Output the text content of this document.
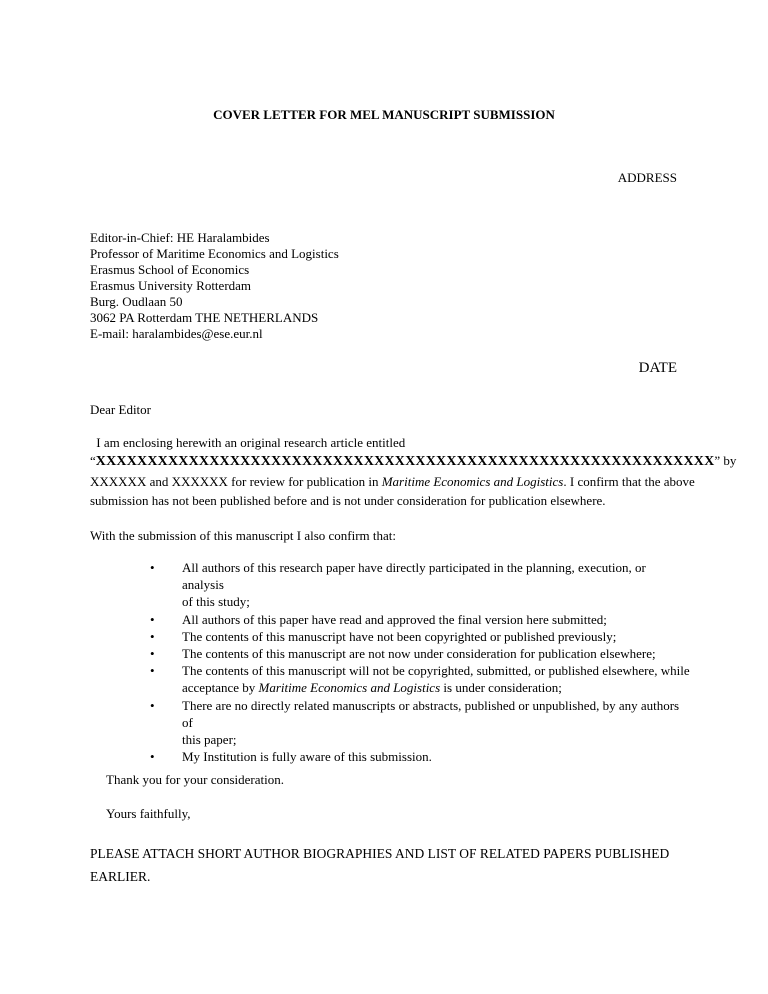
COVER LETTER FOR MEL MANUSCRIPT SUBMISSION
ADDRESS
Editor-in-Chief: HE Haralambides
Professor of Maritime Economics and Logistics
Erasmus School of Economics
Erasmus University Rotterdam
Burg. Oudlaan 50
3062 PA Rotterdam THE NETHERLANDS
E-mail: haralambides@ese.eur.nl
DATE
Dear Editor
I am enclosing herewith an original research article entitled
“XXXXXXXXXXXXXXXXXXXXXXXXXXXXXXXXXXXXXXXXXXXXXXXXXXXXXXXXXXXX” by
XXXXXX and XXXXXX for review for publication in Maritime Economics and Logistics. I confirm that the above
submission has not been published before and is not under consideration for publication elsewhere.
With the submission of this manuscript I also confirm that:
• All authors of this research paper have directly participated in the planning, execution, or analysis
of this study;
• All authors of this paper have read and approved the final version here submitted;
• The contents of this manuscript have not been copyrighted or published previously;
• The contents of this manuscript are not now under consideration for publication elsewhere;
• The contents of this manuscript will not be copyrighted, submitted, or published elsewhere, while
acceptance by Maritime Economics and Logistics is under consideration;
• There are no directly related manuscripts or abstracts, published or unpublished, by any authors of
this paper;
• My Institution is fully aware of this submission.
Thank you for your consideration.
Yours faithfully,
PLEASE ATTACH SHORT AUTHOR BIOGRAPHIES AND LIST OF RELATED PAPERS PUBLISHED
EARLIER.
